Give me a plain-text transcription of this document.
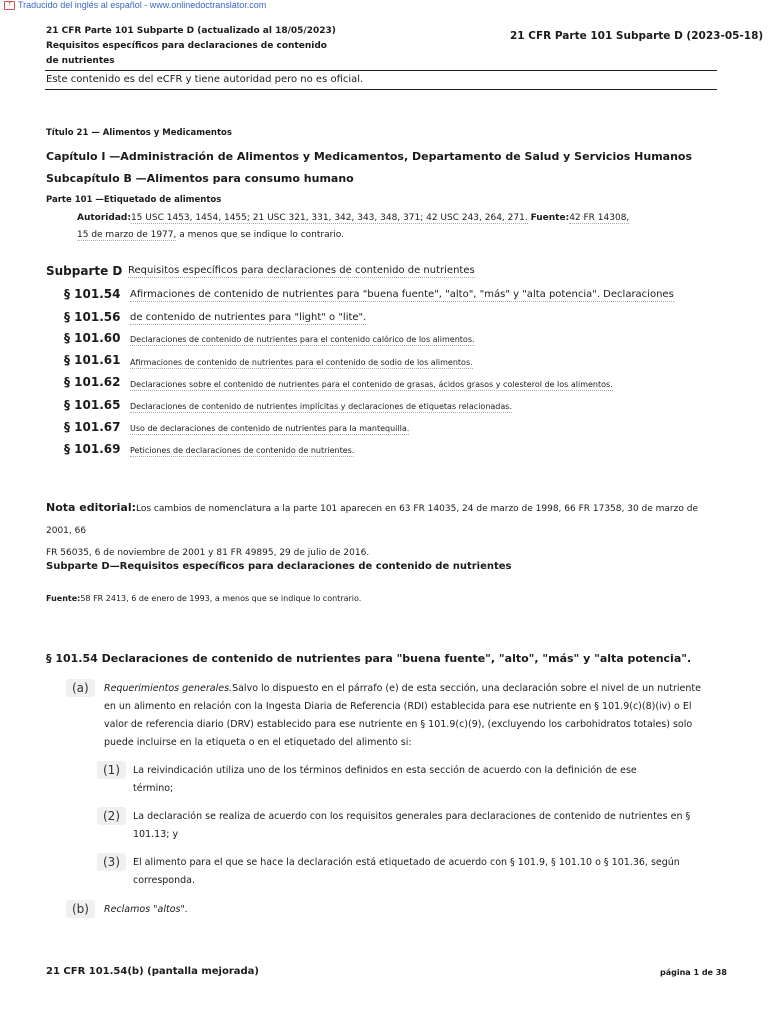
T Traducido del inglés al español - www.onlinedoctranslator.com
21 CFR Parte 101 Subparte D (actualizado al 18/05/2023) Requisitos específicos para declaraciones de contenido de nutrientes
21 CFR Parte 101 Subparte D (2023-05-18)
Este contenido es del eCFR y tiene autoridad pero no es oficial.
Título 21 — Alimentos y Medicamentos
Capítulo I —Administración de Alimentos y Medicamentos, Departamento de Salud y Servicios Humanos
Subcapítulo B —Alimentos para consumo humano
Parte 101 —Etiquetado de alimentos
Autoridad:15 USC 1453, 1454, 1455; 21 USC 321, 331, 342, 343, 348, 371; 42 USC 243, 264, 271. Fuente:42 FR 14308,
15 de marzo de 1977, a menos que se indique lo contrario.
Subparte D Requisitos específicos para declaraciones de contenido de nutrientes
§ 101.54 Afirmaciones de contenido de nutrientes para "buena fuente", "alto", "más" y "alta potencia". Declaraciones
§ 101.56 de contenido de nutrientes para "light" o "lite".
§ 101.60 Declaraciones de contenido de nutrientes para el contenido calórico de los alimentos.
§ 101.61 Afirmaciones de contenido de nutrientes para el contenido de sodio de los alimentos.
§ 101.62 Declaraciones sobre el contenido de nutrientes para el contenido de grasas, ácidos grasos y colesterol de los alimentos.
§ 101.65 Declaraciones de contenido de nutrientes implícitas y declaraciones de etiquetas relacionadas.
§ 101.67 Uso de declaraciones de contenido de nutrientes para la mantequilla.
§ 101.69 Peticiones de declaraciones de contenido de nutrientes.
Nota editorial:Los cambios de nomenclatura a la parte 101 aparecen en 63 FR 14035, 24 de marzo de 1998, 66 FR 17358, 30 de marzo de 2001, 66
FR 56035, 6 de noviembre de 2001 y 81 FR 49895, 29 de julio de 2016.
Subparte D—Requisitos específicos para declaraciones de contenido de nutrientes
Fuente:58 FR 2413, 6 de enero de 1993, a menos que se indique lo contrario.
§ 101.54 Declaraciones de contenido de nutrientes para "buena fuente", "alto", "más" y "alta potencia".
(a)	Requerimientos generales.Salvo lo dispuesto en el párrafo (e) de esta sección, una declaración sobre el nivel de un nutriente
en un alimento en relación con la Ingesta Diaria de Referencia (RDI) establecida para ese nutriente en § 101.9(c)(8)(iv) o El
valor de referencia diario (DRV) establecido para ese nutriente en § 101.9(c)(9), (excluyendo los carbohidratos totales) solo
puede incluirse en la etiqueta o en el etiquetado del alimento si:
(1)	La reivindicación utiliza uno de los términos definidos en esta sección de acuerdo con la definición de ese
término;
(2)	La declaración se realiza de acuerdo con los requisitos generales para declaraciones de contenido de nutrientes en §
101.13; y
(3)	El alimento para el que se hace la declaración está etiquetado de acuerdo con § 101.9, § 101.10 o § 101.36, según
corresponda.
(b)	Reclamos "altos".
21 CFR 101.54(b) (pantalla mejorada)	página 1 de 38
